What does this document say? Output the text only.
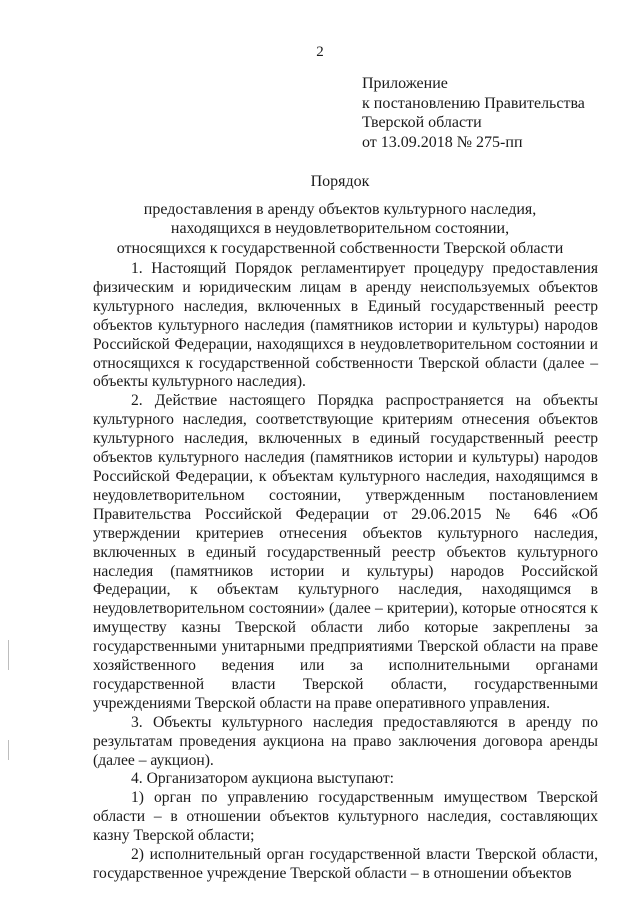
2
Приложение
к постановлению Правительства
Тверской области
от 13.09.2018 № 275-пп
Порядок
предоставления в аренду объектов культурного наследия,
находящихся в неудовлетворительном состоянии,
относящихся к государственной собственности Тверской области

1. Настоящий Порядок регламентирует процедуру предоставления физическим и юридическим лицам в аренду неиспользуемых объектов культурного наследия, включенных в Единый государственный реестр объектов культурного наследия (памятников истории и культуры) народов Российской Федерации, находящихся в неудовлетворительном состоянии и относящихся к государственной собственности Тверской области (далее – объекты культурного наследия).

2. Действие настоящего Порядка распространяется на объекты культурного наследия, соответствующие критериям отнесения объектов культурного наследия, включенных в единый государственный реестр объектов культурного наследия (памятников истории и культуры) народов Российской Федерации, к объектам культурного наследия, находящимся в неудовлетворительном состоянии, утвержденным постановлением Правительства Российской Федерации от 29.06.2015 № 646 «Об утверждении критериев отнесения объектов культурного наследия, включенных в единый государственный реестр объектов культурного наследия (памятников истории и культуры) народов Российской Федерации, к объектам культурного наследия, находящимся в неудовлетворительном состоянии» (далее – критерии), которые относятся к имуществу казны Тверской области либо которые закреплены за государственными унитарными предприятиями Тверской области на праве хозяйственного ведения или за исполнительными органами государственной власти Тверской области, государственными учреждениями Тверской области на праве оперативного управления.

3. Объекты культурного наследия предоставляются в аренду по результатам проведения аукциона на право заключения договора аренды (далее – аукцион).

4. Организатором аукциона выступают:

1) орган по управлению государственным имуществом Тверской области – в отношении объектов культурного наследия, составляющих казну Тверской области;

2) исполнительный орган государственной власти Тверской области, государственное учреждение Тверской области – в отношении объектов
